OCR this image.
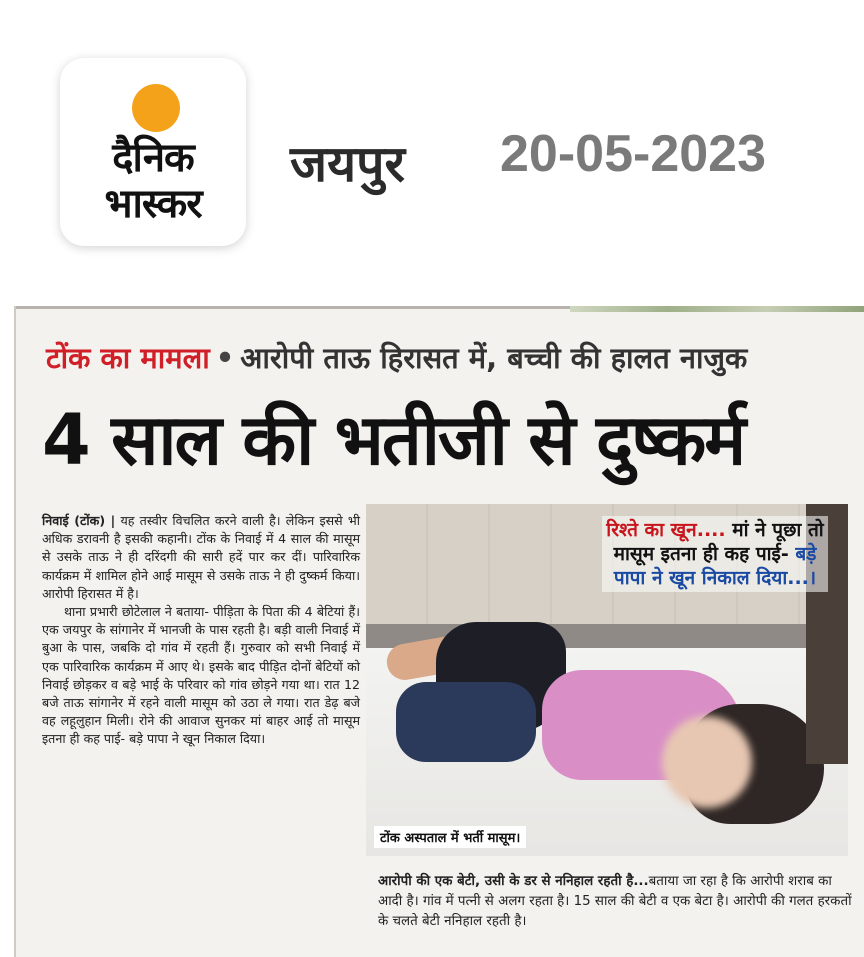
दैनिक
भास्कर
जयपुर 20-05-2023
टोंक का मामला • आरोपी ताऊ हिरासत में, बच्ची की हालत नाजुक
4 साल की भतीजी से दुष्कर्म

निवाई (टोंक) | यह तस्वीर विचलित करने वाली है। लेकिन इससे भी अधिक डरावनी है इसकी कहानी। टोंक के निवाई में 4 साल की मासूम से उसके ताऊ ने ही दरिंदगी की सारी हदें पार कर दीं। पारिवारिक कार्यक्रम में शामिल होने आई मासूम से उसके ताऊ ने ही दुष्कर्म किया। आरोपी हिरासत में है।

थाना प्रभारी छोटेलाल ने बताया- पीड़िता के पिता की 4 बेटियां हैं। एक जयपुर के सांगानेर में भानजी के पास रहती है। बड़ी वाली निवाई में बुआ के पास, जबकि दो गांव में रहती हैं। गुरुवार को सभी निवाई में एक पारिवारिक कार्यक्रम में आए थे। इसके बाद पीड़ित दोनों बेटियों को निवाई छोड़कर व बड़े भाई के परिवार को गांव छोड़ने गया था। रात 12 बजे ताऊ सांगानेर में रहने वाली मासूम को उठा ले गया। रात डेढ़ बजे वह लहूलुहान मिली। रोने की आवाज सुनकर मां बाहर आई तो मासूम इतना ही कह पाई- बड़े पापा ने खून निकाल दिया।

रिश्ते का खून.... मां ने पूछा तो मासूम इतना ही कह पाई- बड़े पापा ने खून निकाल दिया...।
टोंक अस्पताल में भर्ती मासूम।
आरोपी की एक बेटी, उसी के डर से ननिहाल रहती है...बताया जा रहा है कि आरोपी शराब का आदी है। गांव में पत्नी से अलग रहता है। 15 साल की बेटी व एक बेटा है। आरोपी की गलत हरकतों के चलते बेटी ननिहाल रहती है।
